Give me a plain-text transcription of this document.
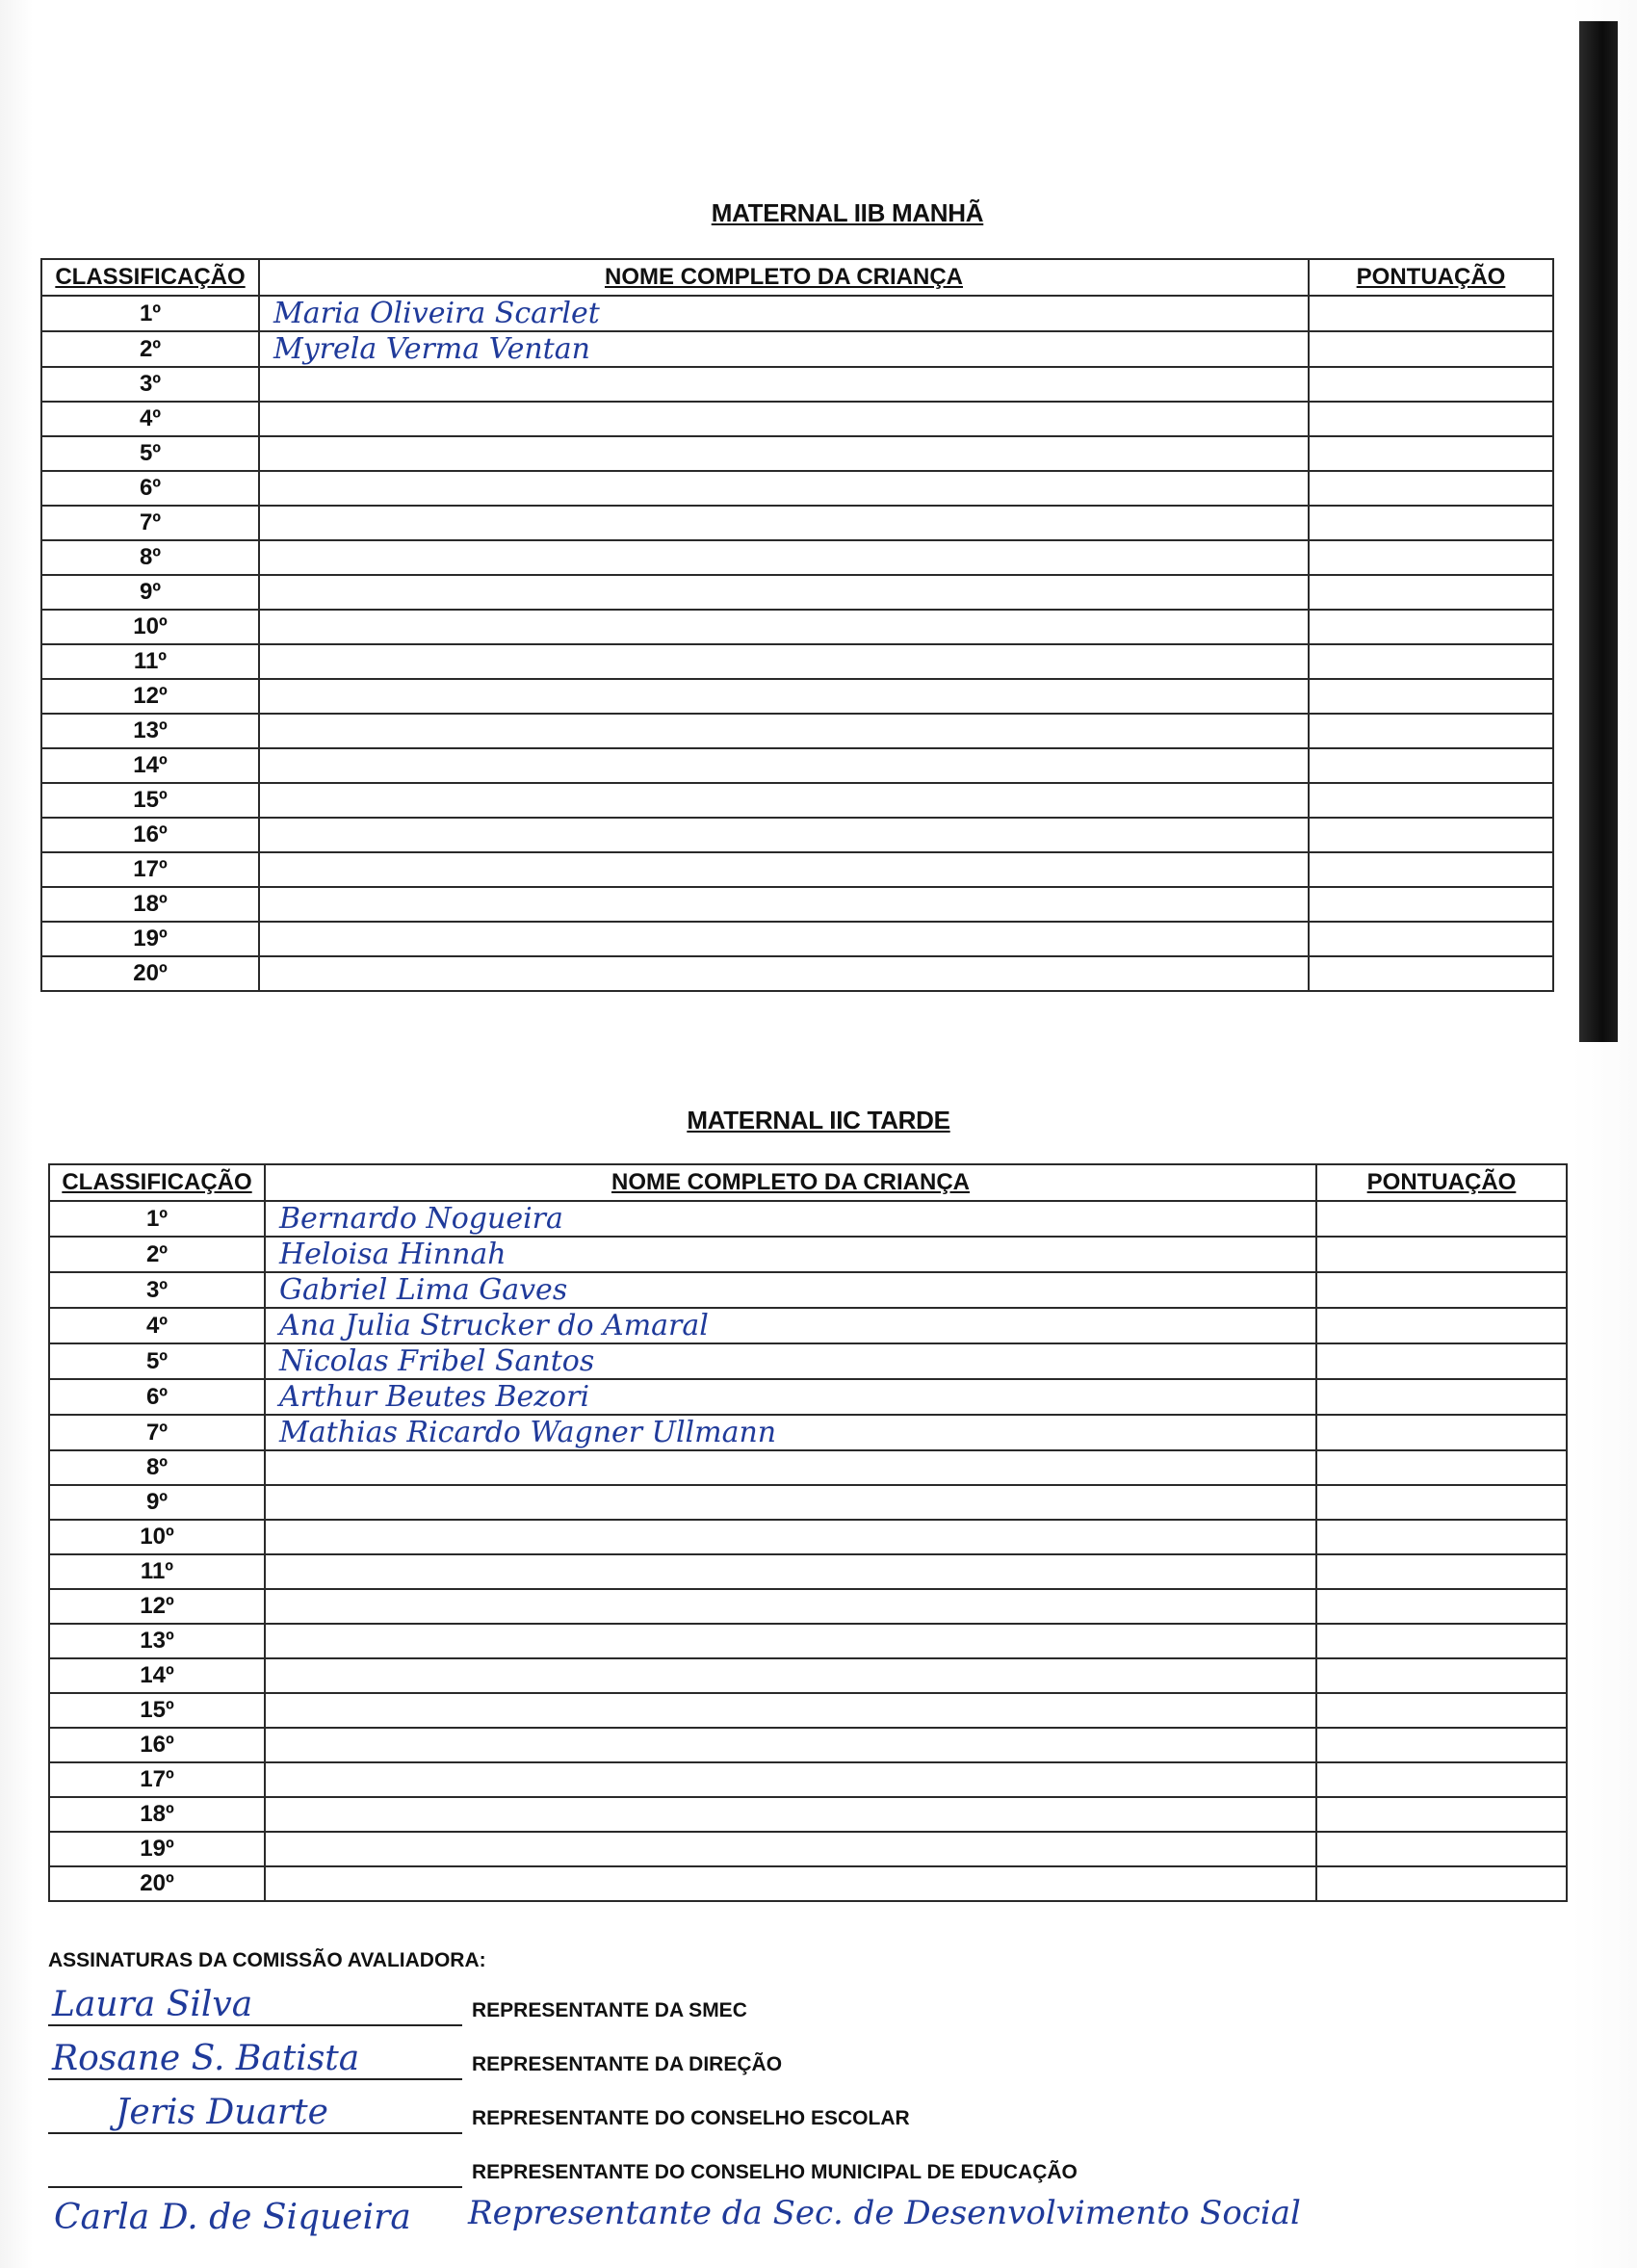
MATERNAL IIB MANHÃ
CLASSIFICAÇÃO	NOME COMPLETO DA CRIANÇA	PONTUAÇÃO
1º	Maria Oliveira Scarlet	
2º	Myrela Verma Ventan	
3º		
4º		
5º		
6º		
7º		
8º		
9º		
10º		
11º		
12º		
13º		
14º		
15º		
16º		
17º		
18º		
19º		
20º		
MATERNAL IIC TARDE
CLASSIFICAÇÃO	NOME COMPLETO DA CRIANÇA	PONTUAÇÃO
1º	Bernardo Nogueira	
2º	Heloisa Hinnah	
3º	Gabriel Lima Gaves	
4º	Ana Julia Strucker do Amaral	
5º	Nicolas Fribel Santos	
6º	Arthur Beutes Bezori	
7º	Mathias Ricardo Wagner Ullmann	
8º		
9º		
10º		
11º		
12º		
13º		
14º		
15º		
16º		
17º		
18º		
19º		
20º		
ASSINATURAS DA COMISSÃO AVALIADORA:
Laura Silva	REPRESENTANTE DA SMEC
Rosane S. Batista	REPRESENTANTE DA DIREÇÃO
Jeris Duarte	REPRESENTANTE DO CONSELHO ESCOLAR
REPRESENTANTE DO CONSELHO MUNICIPAL DE EDUCAÇÃO
Carla D. de Siqueira Representante da Sec. de Desenvolvimento Social
